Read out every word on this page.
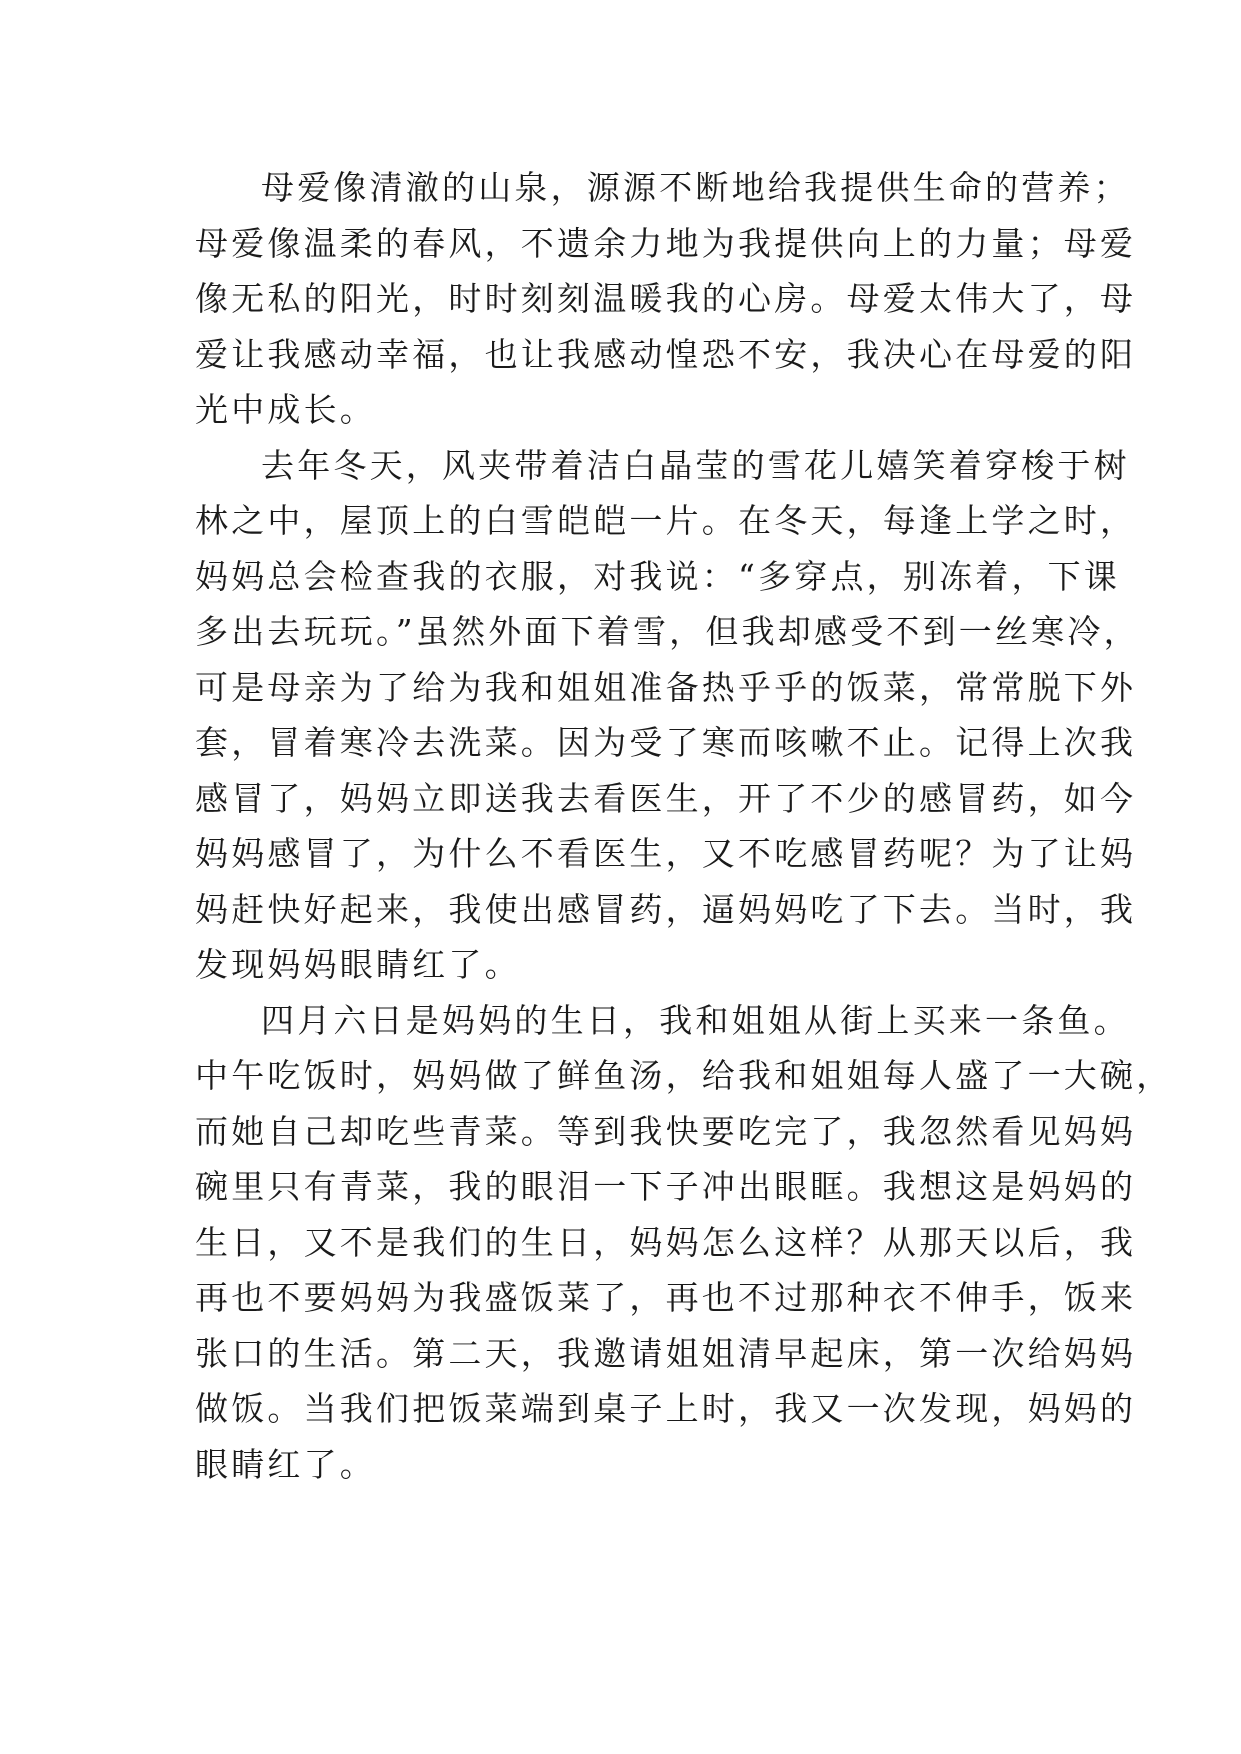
母爱像清澈的山泉，源源不断地给我提供生命的营养；
母爱像温柔的春风，不遗余力地为我提供向上的力量；母爱
像无私的阳光，时时刻刻温暖我的心房。母爱太伟大了，母
爱让我感动幸福，也让我感动惶恐不安，我决心在母爱的阳
光中成长。
去年冬天，风夹带着洁白晶莹的雪花儿嬉笑着穿梭于树
林之中，屋顶上的白雪皑皑一片。在冬天，每逢上学之时，
妈妈总会检查我的衣服，对我说：“多穿点，别冻着，下课
多出去玩玩。”虽然外面下着雪，但我却感受不到一丝寒冷，
可是母亲为了给为我和姐姐准备热乎乎的饭菜，常常脱下外
套，冒着寒冷去洗菜。因为受了寒而咳嗽不止。记得上次我
感冒了，妈妈立即送我去看医生，开了不少的感冒药，如今
妈妈感冒了，为什么不看医生，又不吃感冒药呢？为了让妈
妈赶快好起来，我使出感冒药，逼妈妈吃了下去。当时，我
发现妈妈眼睛红了。
四月六日是妈妈的生日，我和姐姐从街上买来一条鱼。
中午吃饭时，妈妈做了鲜鱼汤，给我和姐姐每人盛了一大碗，
而她自己却吃些青菜。等到我快要吃完了，我忽然看见妈妈
碗里只有青菜，我的眼泪一下子冲出眼眶。我想这是妈妈的
生日，又不是我们的生日，妈妈怎么这样？从那天以后，我
再也不要妈妈为我盛饭菜了，再也不过那种衣不伸手，饭来
张口的生活。第二天，我邀请姐姐清早起床，第一次给妈妈
做饭。当我们把饭菜端到桌子上时，我又一次发现，妈妈的
眼睛红了。
